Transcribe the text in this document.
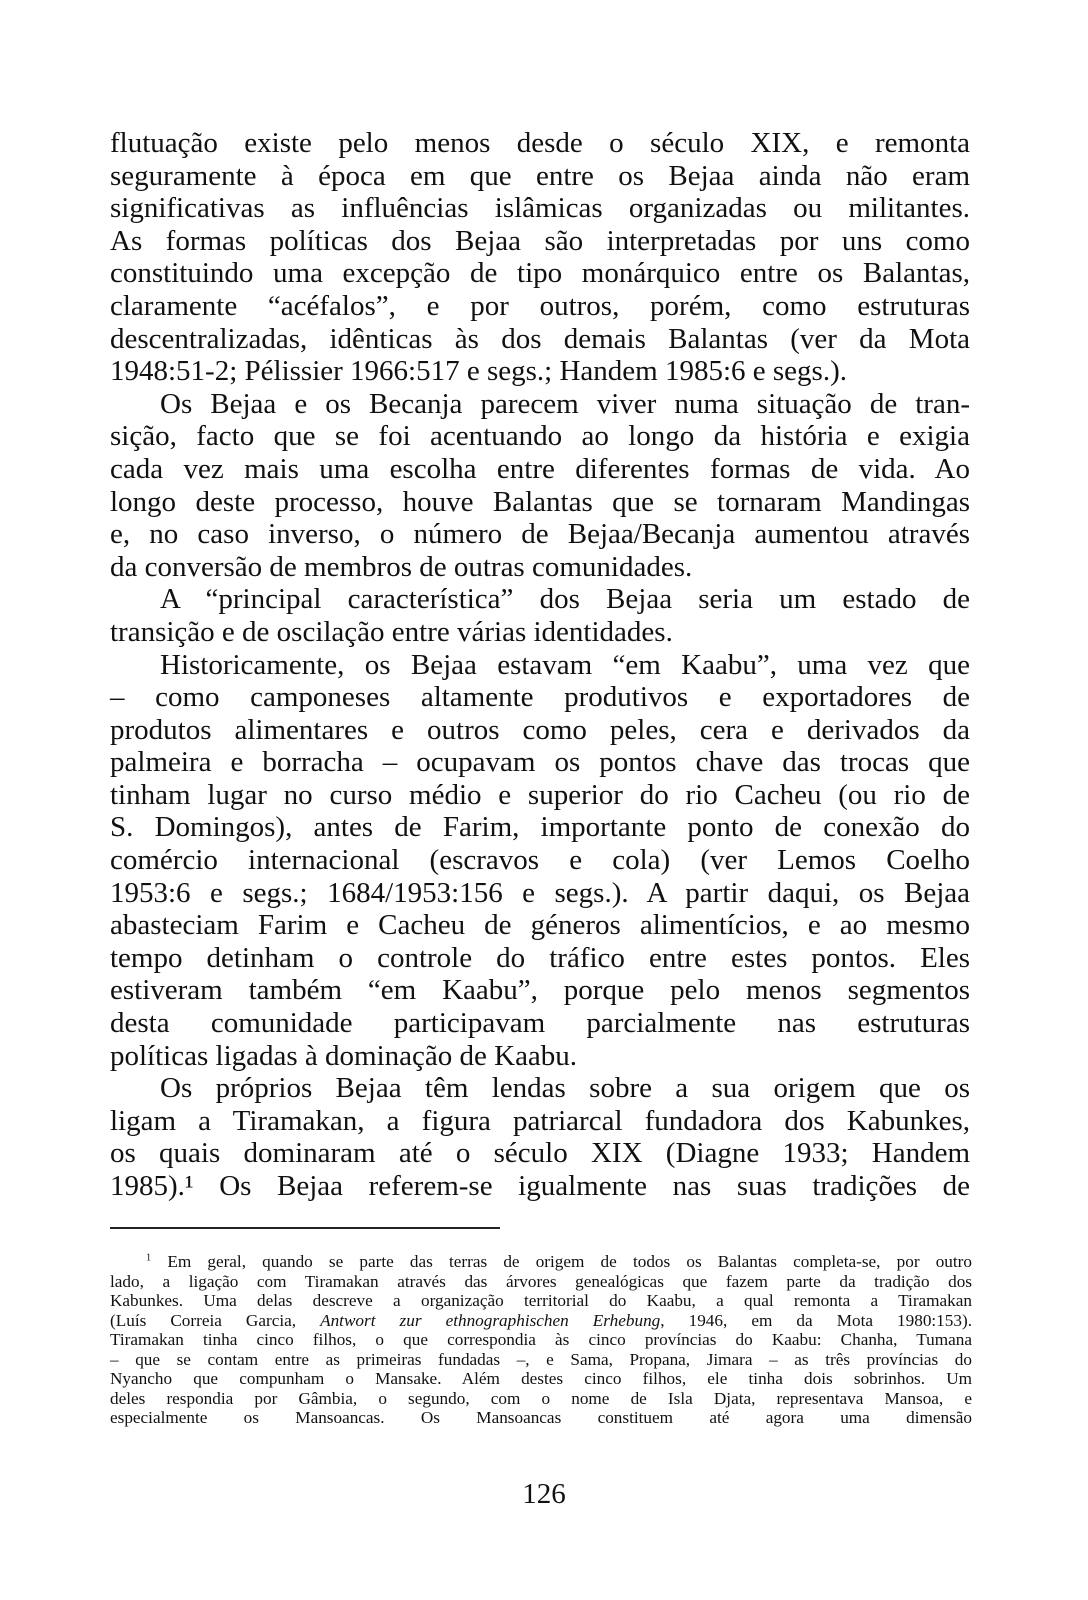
flutuação existe pelo menos desde o século XIX, e remonta
seguramente à época em que entre os Bejaa ainda não eram
significativas as influências islâmicas organizadas ou militantes.
As formas políticas dos Bejaa são interpretadas por uns como
constituindo uma excepção de tipo monárquico entre os Balantas,
claramente “acéfalos”, e por outros, porém, como estruturas
descentralizadas, idênticas às dos demais Balantas (ver da Mota
1948:51-2; Pélissier 1966:517 e segs.; Handem 1985:6 e segs.).
Os Bejaa e os Becanja parecem viver numa situação de tran-
sição, facto que se foi acentuando ao longo da história e exigia
cada vez mais uma escolha entre diferentes formas de vida. Ao
longo deste processo, houve Balantas que se tornaram Mandingas
e, no caso inverso, o número de Bejaa/Becanja aumentou através
da conversão de membros de outras comunidades.
A “principal característica” dos Bejaa seria um estado de
transição e de oscilação entre várias identidades.
Historicamente, os Bejaa estavam “em Kaabu”, uma vez que
– como camponeses altamente produtivos e exportadores de
produtos alimentares e outros como peles, cera e derivados da
palmeira e borracha – ocupavam os pontos chave das trocas que
tinham lugar no curso médio e superior do rio Cacheu (ou rio de
S. Domingos), antes de Farim, importante ponto de conexão do
comércio internacional (escravos e cola) (ver Lemos Coelho
1953:6 e segs.; 1684/1953:156 e segs.). A partir daqui, os Bejaa
abasteciam Farim e Cacheu de géneros alimentícios, e ao mesmo
tempo detinham o controle do tráfico entre estes pontos. Eles
estiveram também “em Kaabu”, porque pelo menos segmentos
desta comunidade participavam parcialmente nas estruturas
políticas ligadas à dominação de Kaabu.
Os próprios Bejaa têm lendas sobre a sua origem que os
ligam a Tiramakan, a figura patriarcal fundadora dos Kabunkes,
os quais dominaram até o século XIX (Diagne 1933; Handem
1985).¹ Os Bejaa referem-se igualmente nas suas tradições de
$^1$ Em geral, quando se parte das terras de origem de todos os Balantas completa-se, por outro
lado, a ligação com Tiramakan através das árvores genealógicas que fazem parte da tradição dos
Kabunkes. Uma delas descreve a organização territorial do Kaabu, a qual remonta a Tiramakan
(Luís Correia Garcia, Antwort zur ethnographischen Erhebung, 1946, em da Mota 1980:153).
Tiramakan tinha cinco filhos, o que correspondia às cinco províncias do Kaabu: Chanha, Tumana
– que se contam entre as primeiras fundadas –, e Sama, Propana, Jimara – as três províncias do
Nyancho que compunham o Mansake. Além destes cinco filhos, ele tinha dois sobrinhos. Um
deles respondia por Gâmbia, o segundo, com o nome de Isla Djata, representava Mansoa, e
especialmente os Mansoancas. Os Mansoancas constituem até agora uma dimensão
126
